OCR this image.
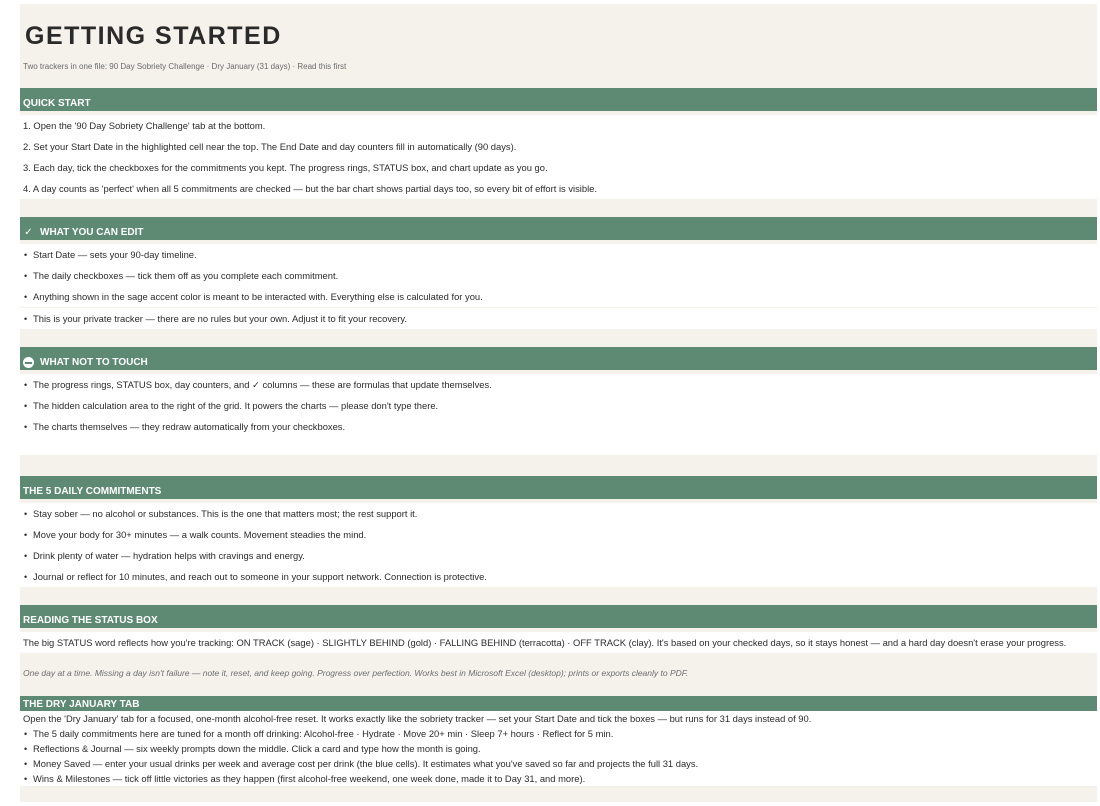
GETTING STARTED
Two trackers in one file: 90 Day Sobriety Challenge · Dry January (31 days) · Read this first
QUICK START
1. Open the '90 Day Sobriety Challenge' tab at the bottom.
2. Set your Start Date in the highlighted cell near the top. The End Date and day counters fill in automatically (90 days).
3. Each day, tick the checkboxes for the commitments you kept. The progress rings, STATUS box, and chart update as you go.
4. A day counts as 'perfect' when all 5 commitments are checked — but the bar chart shows partial days too, so every bit of effort is visible.
✓ WHAT YOU CAN EDIT
• Start Date — sets your 90-day timeline.
• The daily checkboxes — tick them off as you complete each commitment.
• Anything shown in the sage accent color is meant to be interacted with. Everything else is calculated for you.
• This is your private tracker — there are no rules but your own. Adjust it to fit your recovery.
WHAT NOT TO TOUCH
• The progress rings, STATUS box, day counters, and ✓ columns — these are formulas that update themselves.
• The hidden calculation area to the right of the grid. It powers the charts — please don't type there.
• The charts themselves — they redraw automatically from your checkboxes.
THE 5 DAILY COMMITMENTS
• Stay sober — no alcohol or substances. This is the one that matters most; the rest support it.
• Move your body for 30+ minutes — a walk counts. Movement steadies the mind.
• Drink plenty of water — hydration helps with cravings and energy.
• Journal or reflect for 10 minutes, and reach out to someone in your support network. Connection is protective.
READING THE STATUS BOX
The big STATUS word reflects how you're tracking: ON TRACK (sage) · SLIGHTLY BEHIND (gold) · FALLING BEHIND (terracotta) · OFF TRACK (clay). It's based on your checked days, so it stays honest — and a hard day doesn't erase your progress.
One day at a time. Missing a day isn't failure — note it, reset, and keep going. Progress over perfection. Works best in Microsoft Excel (desktop); prints or exports cleanly to PDF.
THE DRY JANUARY TAB
Open the 'Dry January' tab for a focused, one-month alcohol-free reset. It works exactly like the sobriety tracker — set your Start Date and tick the boxes — but runs for 31 days instead of 90.
• The 5 daily commitments here are tuned for a month off drinking: Alcohol-free · Hydrate · Move 20+ min · Sleep 7+ hours · Reflect for 5 min.
• Reflections & Journal — six weekly prompts down the middle. Click a card and type how the month is going.
• Money Saved — enter your usual drinks per week and average cost per drink (the blue cells). It estimates what you've saved so far and projects the full 31 days.
• Wins & Milestones — tick off little victories as they happen (first alcohol-free weekend, one week done, made it to Day 31, and more).
